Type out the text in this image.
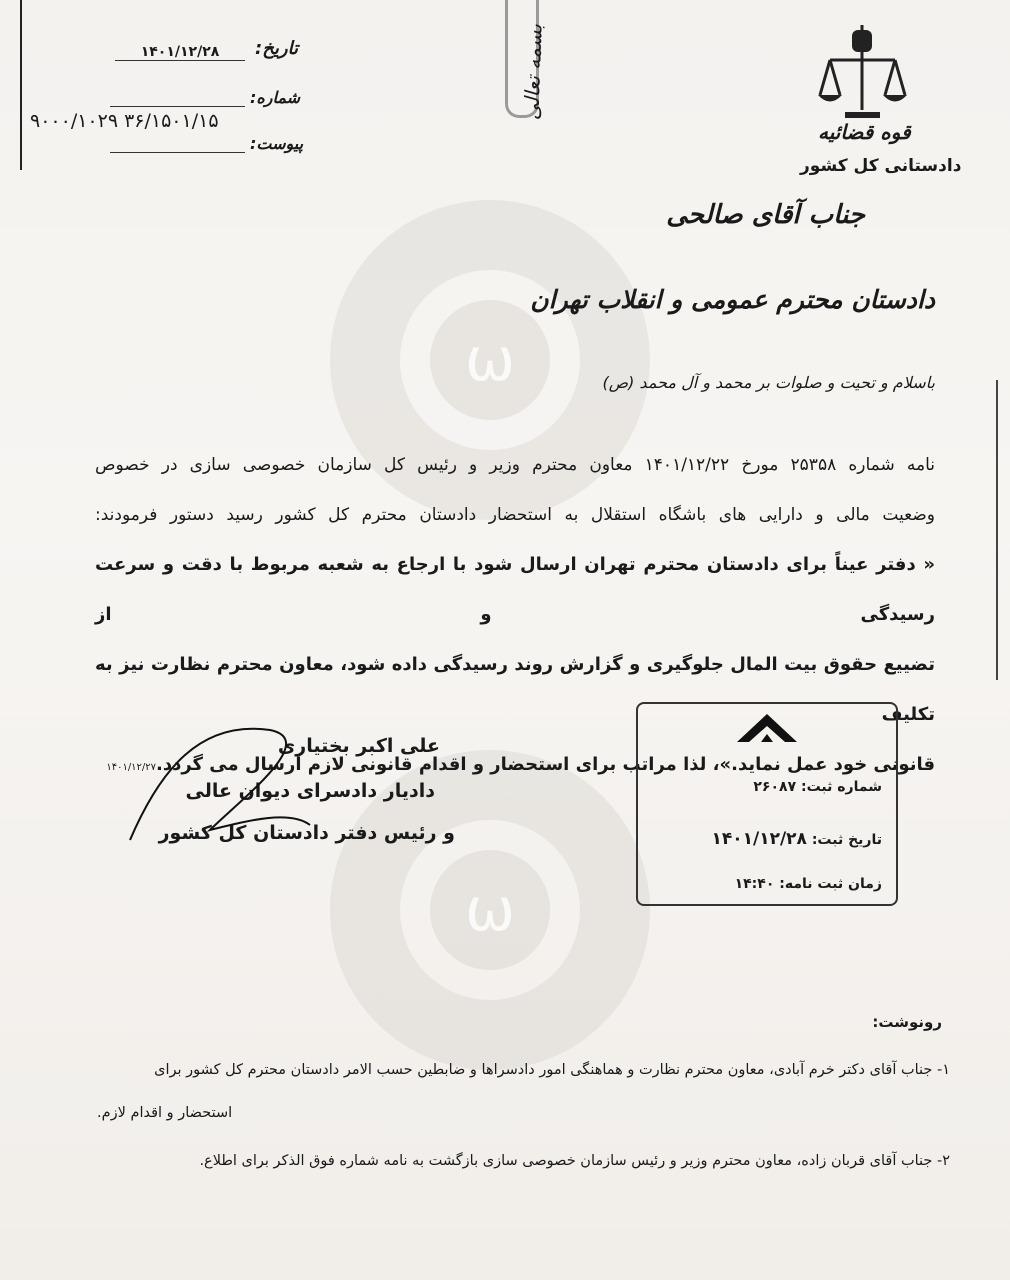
ω
ω
تاریخ:
۱۴۰۱/۱۲/۲۸
شماره:
۹۰۰۰/۱۰۲۹ ۳۶/۱۵۰۱/۱۵
پیوست:
بسمه تعالی
قوه قضائیه
دادستانی کل کشور
جناب آقای صالحی
دادستان محترم عمومی و انقلاب تهران
باسلام و تحیت و صلوات بر محمد و آل محمد (ص)

نامه شماره ۲۵۳۵۸ مورخ ۱۴۰۱/۱۲/۲۲ معاون محترم وزیر و رئیس کل سازمان خصوصی سازی در خصوص

وضعیت مالی و دارایی های باشگاه استقلال به استحضار دادستان محترم کل کشور رسید دستور فرمودند:

« دفتر عیناً برای دادستان محترم تهران ارسال شود با ارجاع به شعبه مربوط با دقت و سرعت رسیدگی و از

تضییع حقوق بیت المال جلوگیری و گزارش روند رسیدگی داده شود، معاون محترم نظارت نیز به تکلیف

قانونی خود عمل نماید.»، لذا مراتب برای استحضار و اقدام قانونی لازم ارسال می گردد.۱۴۰۱/۱۲/۲۷

علی اکبر بختیاری
دادیار دادسرای دیوان عالی
و رئیس دفتر دادستان کل کشور
شماره ثبت: ۲۶۰۸۷
تاریخ ثبت: ۱۴۰۱/۱۲/۲۸
زمان ثبت نامه: ۱۴:۴۰
رونوشت:
۱- جناب آقای دکتر خرم آبادی، معاون محترم نظارت و هماهنگی امور دادسراها و ضابطین حسب الامر دادستان محترم کل کشور برای
استحضار و اقدام لازم.
۲- جناب آقای قربان زاده، معاون محترم وزیر و رئیس سازمان خصوصی سازی بازگشت به نامه شماره فوق الذکر برای اطلاع.
